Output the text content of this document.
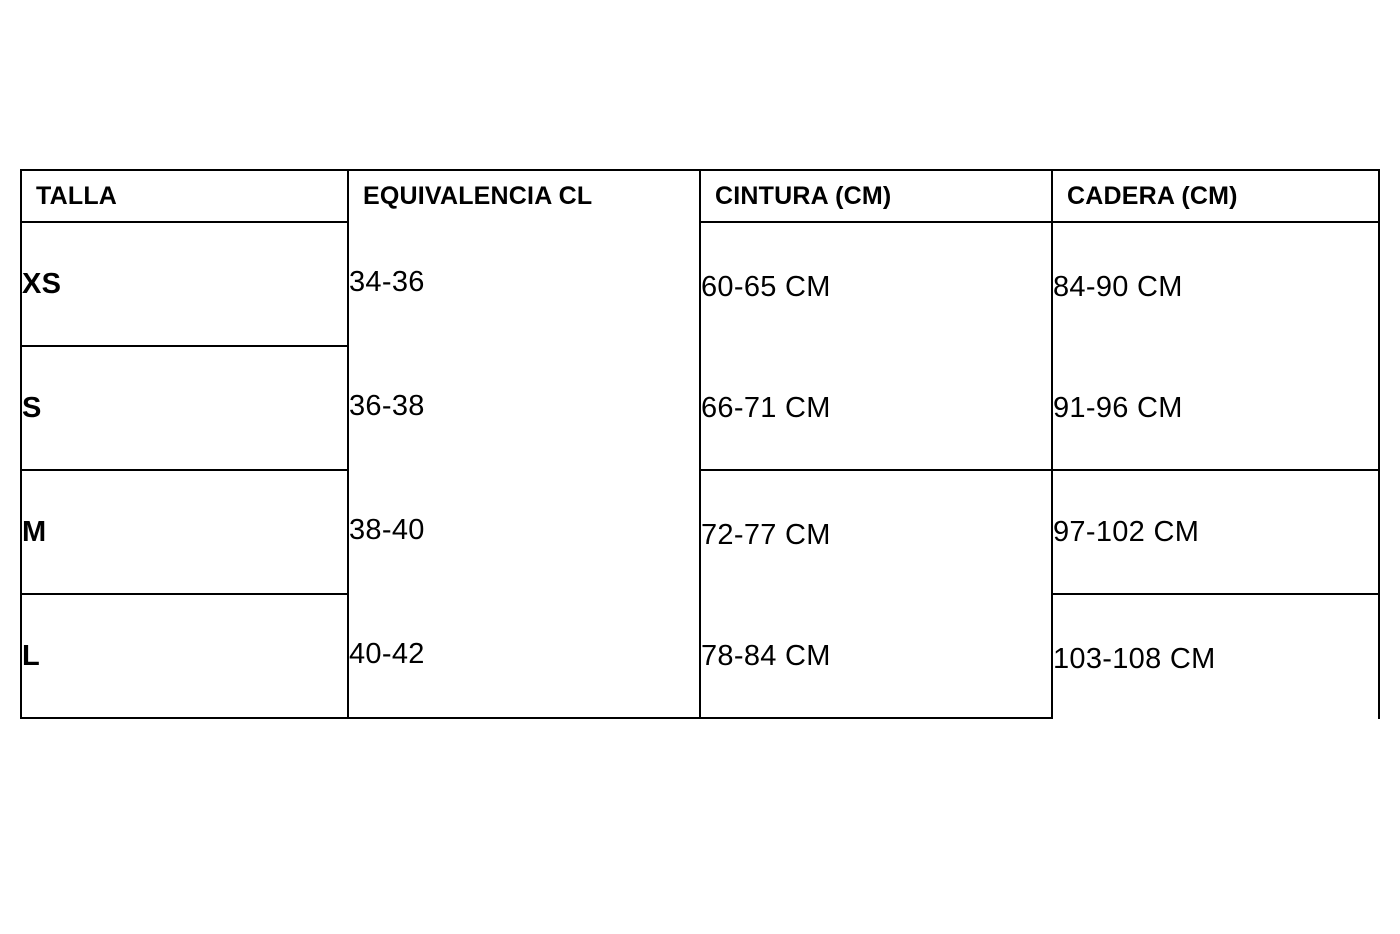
TALLA	EQUIVALENCIA CL	CINTURA (CM)	CADERA (CM)
XS	34-36	60-65 CM	84-90 CM
S	36-38	66-71 CM	91-96 CM
M	38-40	72-77 CM	97-102 CM
L	40-42	78-84 CM	103-108 CM
